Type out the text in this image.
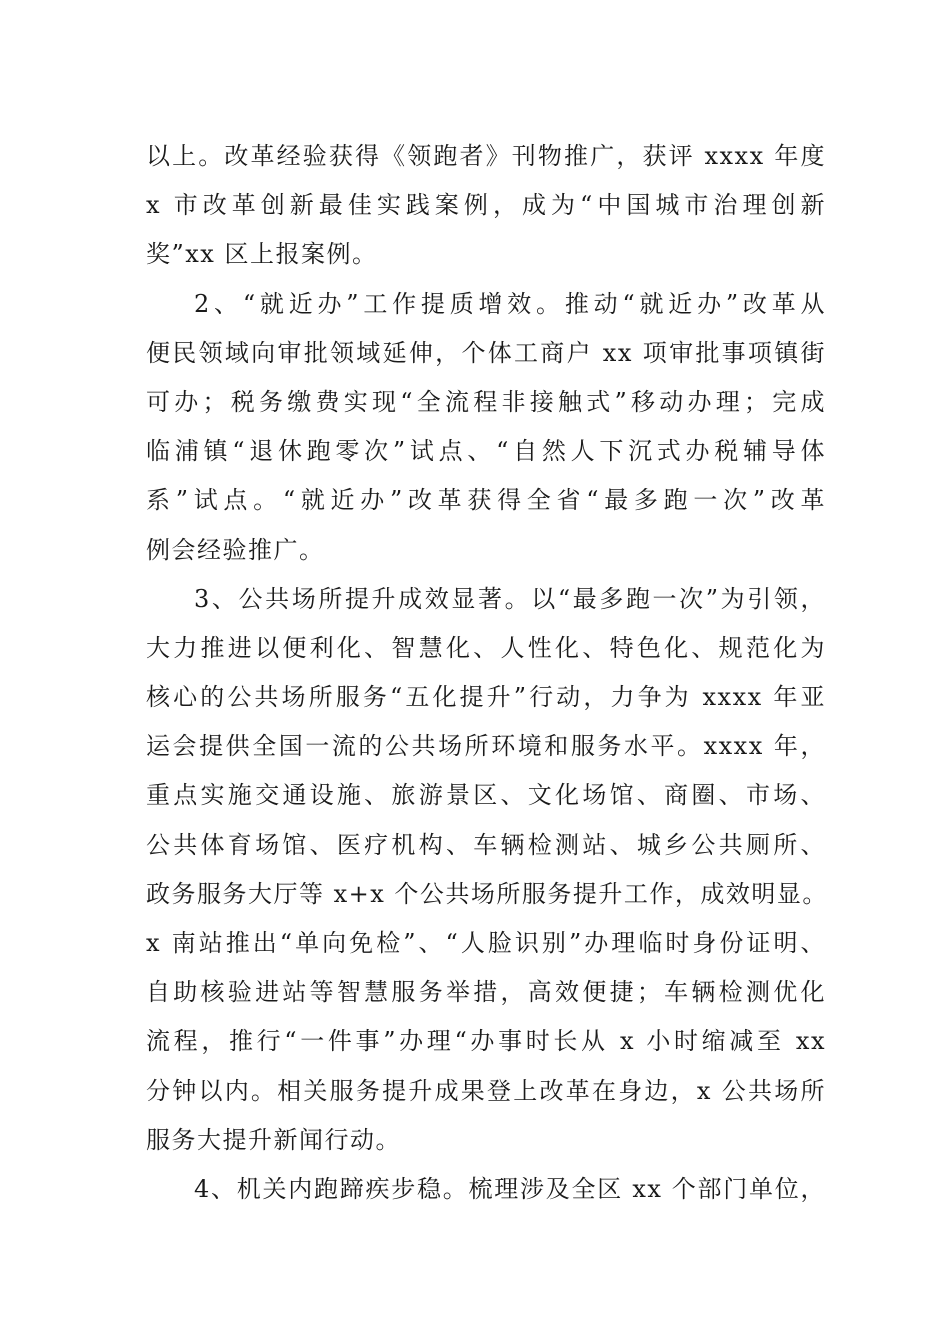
以上。改革经验获得《领跑者》刊物推广，获评 xxxx 年度
x 市改革创新最佳实践案例，成为“中国城市治理创新
奖”xx 区上报案例。
2、“就近办”工作提质增效。推动“就近办”改革从
便民领域向审批领域延伸，个体工商户 xx 项审批事项镇街
可办；税务缴费实现“全流程非接触式”移动办理；完成
临浦镇“退休跑零次”试点、“自然人下沉式办税辅导体
系”试点。“就近办”改革获得全省“最多跑一次”改革
例会经验推广。
3、公共场所提升成效显著。以“最多跑一次”为引领，
大力推进以便利化、智慧化、人性化、特色化、规范化为
核心的公共场所服务“五化提升”行动，力争为 xxxx 年亚
运会提供全国一流的公共场所环境和服务水平。xxxx 年，
重点实施交通设施、旅游景区、文化场馆、商圈、市场、
公共体育场馆、医疗机构、车辆检测站、城乡公共厕所、
政务服务大厅等 x+x 个公共场所服务提升工作，成效明显。
x 南站推出“单向免检”、“人脸识别”办理临时身份证明、
自助核验进站等智慧服务举措，高效便捷；车辆检测优化
流程，推行“一件事”办理“办事时长从 x 小时缩减至 xx
分钟以内。相关服务提升成果登上改革在身边，x 公共场所
服务大提升新闻行动。
4、机关内跑蹄疾步稳。梳理涉及全区 xx 个部门单位，
